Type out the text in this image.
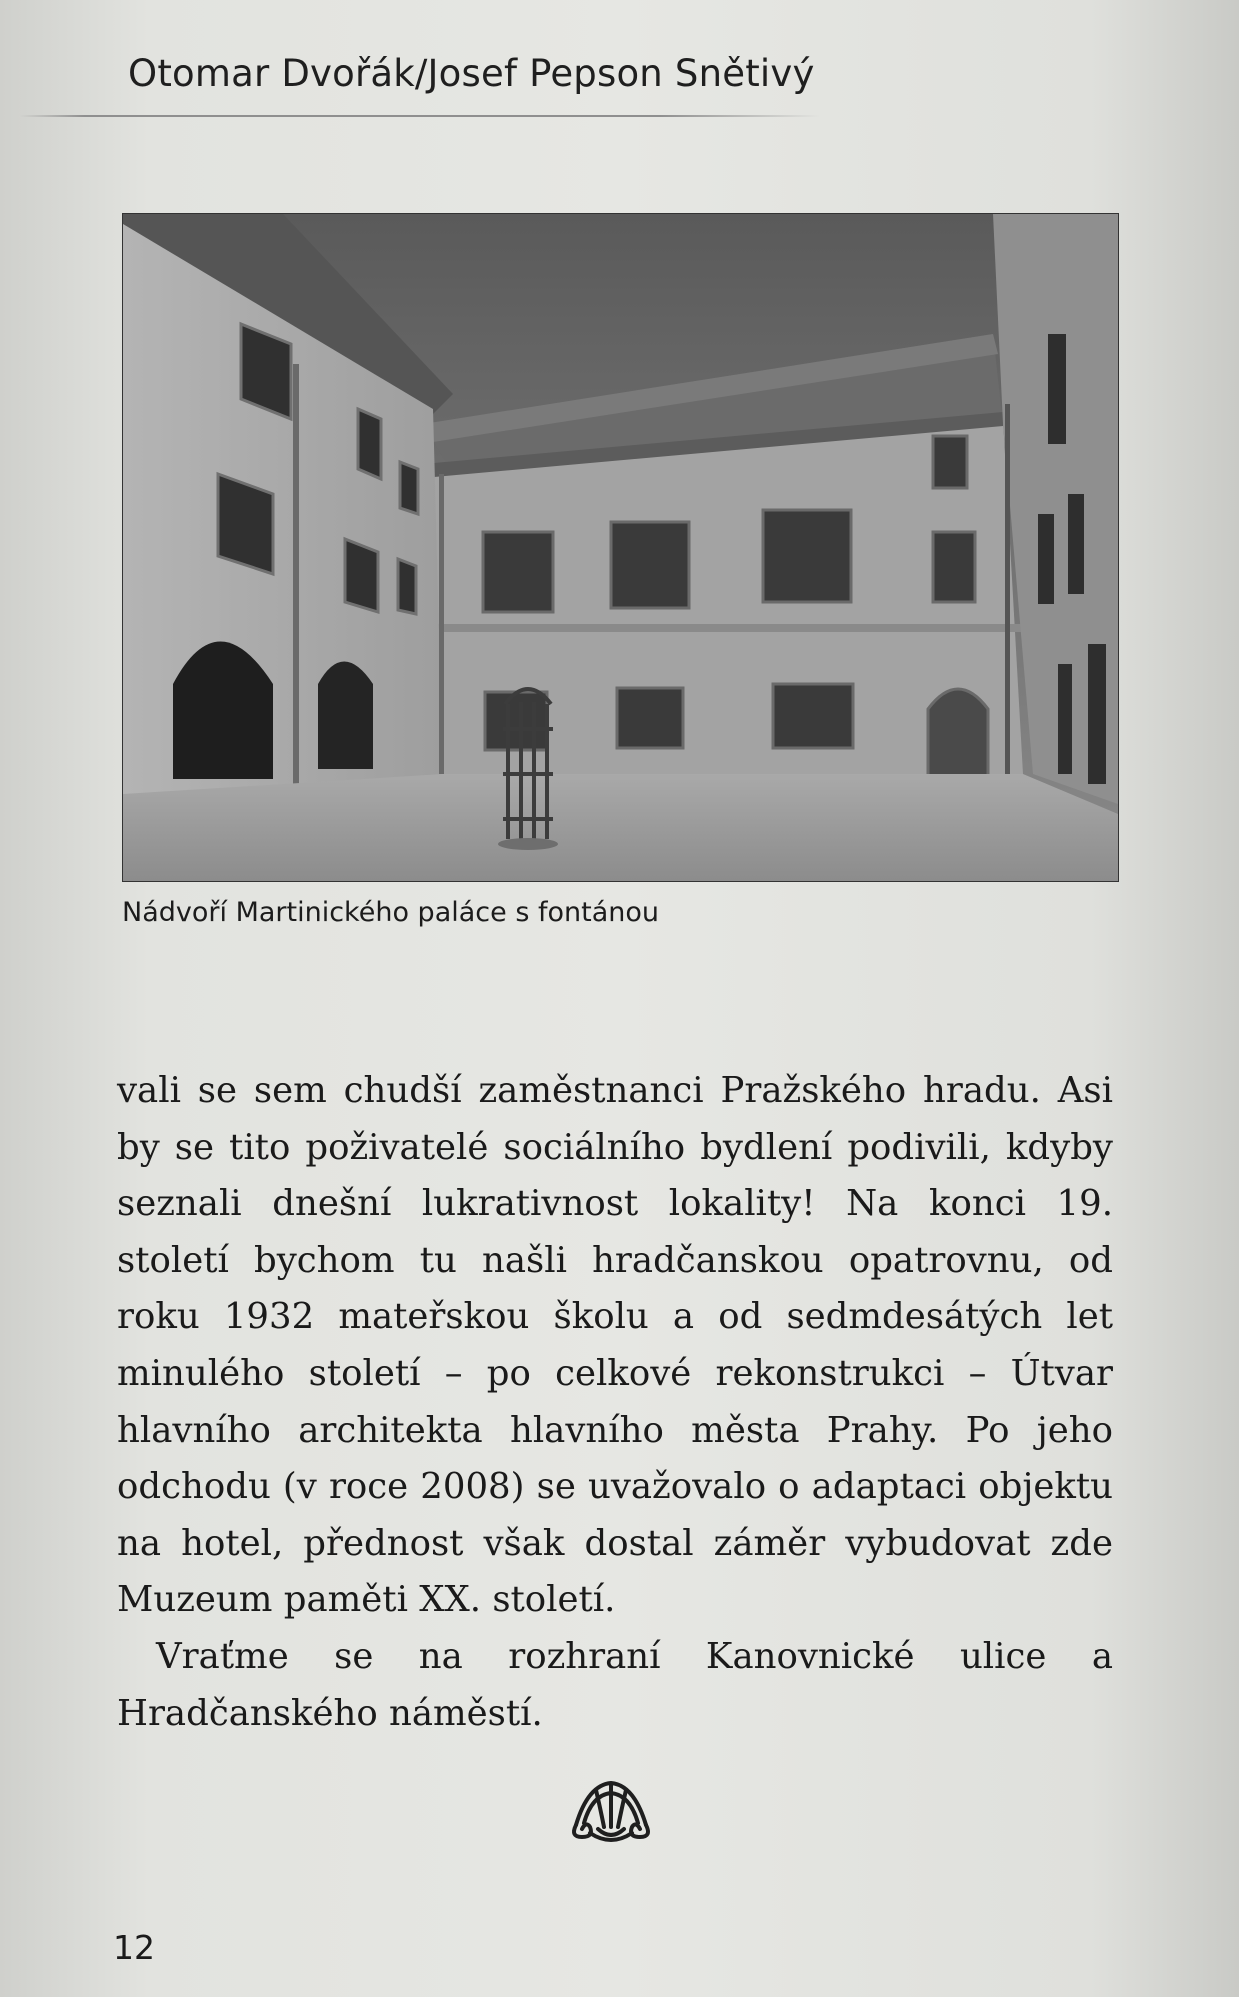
Otomar Dvořák/Josef Pepson Snětivý
Nádvoří Martinického paláce s fontánou

vali se sem chudší zaměstnanci Pražského hradu. Asi by se tito poživatelé sociálního bydlení podivili, kdyby seznali dnešní lukrativnost lokality! Na konci 19. století bychom tu našli hradčanskou opatrovnu, od roku 1932 mateřskou školu a od sedmdesátých let minulého století – po celkové rekonstrukci – Útvar hlavního architekta hlavního města Prahy. Po jeho odchodu (v roce 2008) se uvažovalo o adaptaci objektu na hotel, přednost však dostal záměr vybudovat zde Muzeum paměti XX. století.

Vraťme se na rozhraní Kanovnické ulice a Hradčanského náměstí.

12
